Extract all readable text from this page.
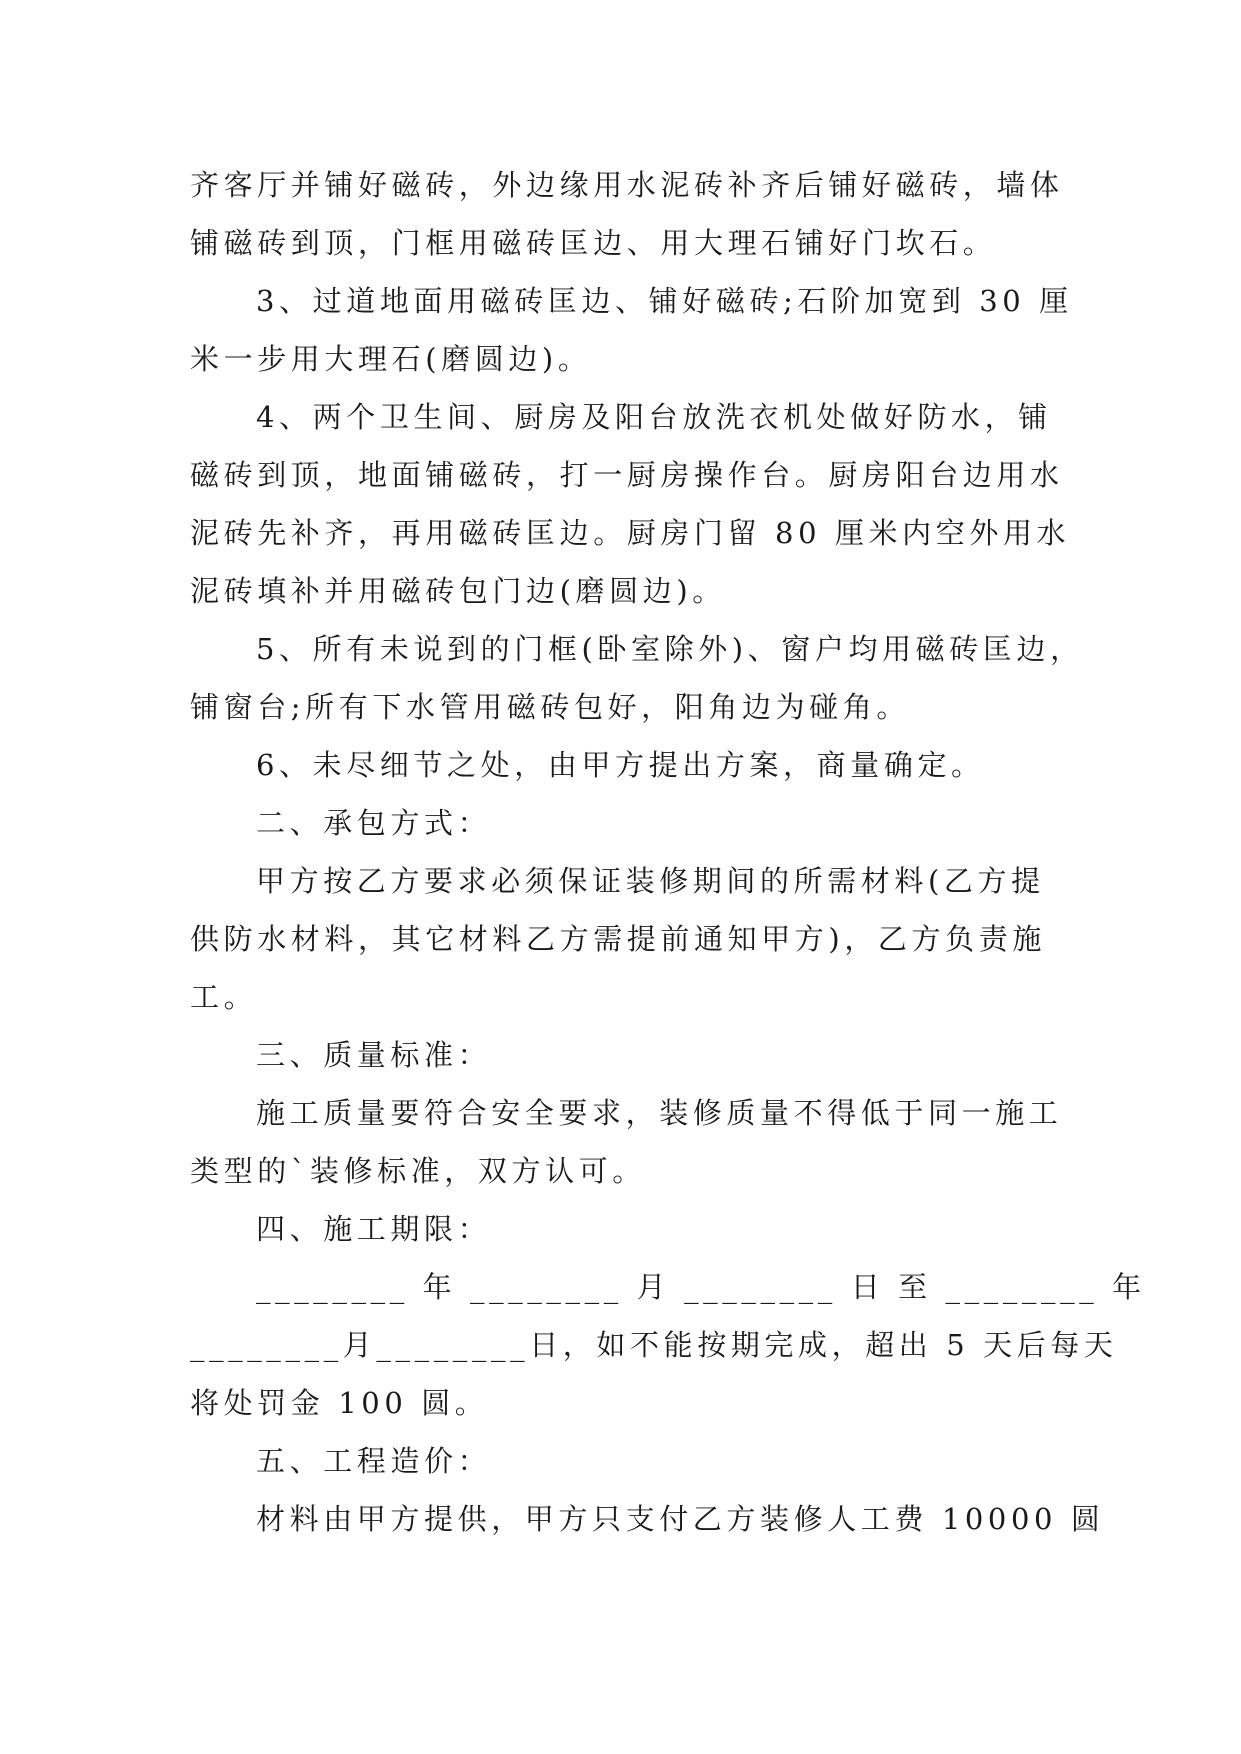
齐客厅并铺好磁砖，外边缘用水泥砖补齐后铺好磁砖，墙体
铺磁砖到顶，门框用磁砖匡边、用大理石铺好门坎石。
3、过道地面用磁砖匡边、铺好磁砖;石阶加宽到 30 厘
米一步用大理石(磨圆边)。
4、两个卫生间、厨房及阳台放洗衣机处做好防水，铺
磁砖到顶，地面铺磁砖，打一厨房操作台。厨房阳台边用水
泥砖先补齐，再用磁砖匡边。厨房门留 80 厘米内空外用水
泥砖填补并用磁砖包门边(磨圆边)。
5、所有未说到的门框(卧室除外)、窗户均用磁砖匡边，
铺窗台;所有下水管用磁砖包好，阳角边为碰角。
6、未尽细节之处，由甲方提出方案，商量确定。
二、承包方式：
甲方按乙方要求必须保证装修期间的所需材料(乙方提
供防水材料，其它材料乙方需提前通知甲方)，乙方负责施
工。
三、质量标准：
施工质量要符合安全要求，装修质量不得低于同一施工
类型的`装修标准，双方认可。
四、施工期限：
________ 年 ________ 月 ________ 日 至 ________ 年
________月________日，如不能按期完成，超出 5 天后每天
将处罚金 100 圆。
五、工程造价：
材料由甲方提供，甲方只支付乙方装修人工费 10000 圆
